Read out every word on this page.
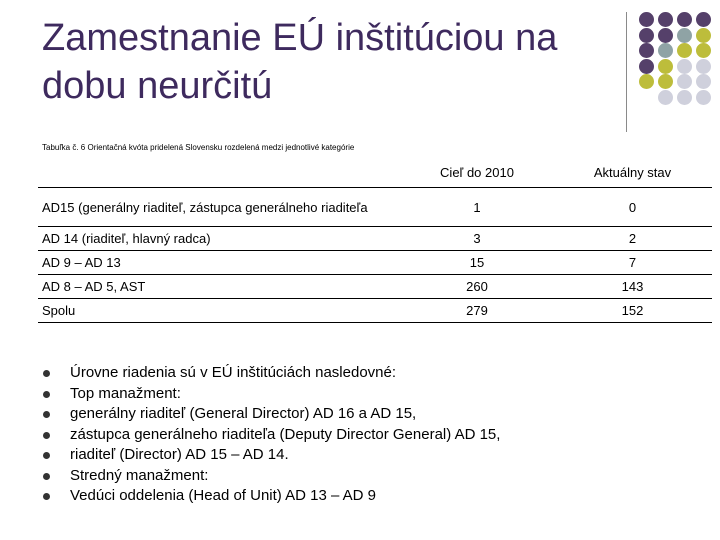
Zamestnanie EÚ inštitúciou na
dobu neurčitú
Tabuľka č. 6 Orientačná kvóta pridelená Slovensku rozdelená medzi jednotlivé kategórie
	Cieľ do 2010	Aktuálny stav

AD15 (generálny riaditeľ, zástupca generálneho riaditeľa	1	0
AD 14 (riaditeľ, hlavný radca)	3	2
AD 9 – AD 13	15	7
AD 8 – AD 5, AST	260	143
Spolu	279	152
Úrovne riadenia sú v EÚ inštitúciách nasledovné:
Top manažment:
generálny riaditeľ (General Director) AD 16 a AD 15,
zástupca generálneho riaditeľa (Deputy Director General) AD 15,
riaditeľ (Director) AD 15 – AD 14.
Stredný manažment:
Vedúci oddelenia (Head of Unit) AD 13 – AD 9
